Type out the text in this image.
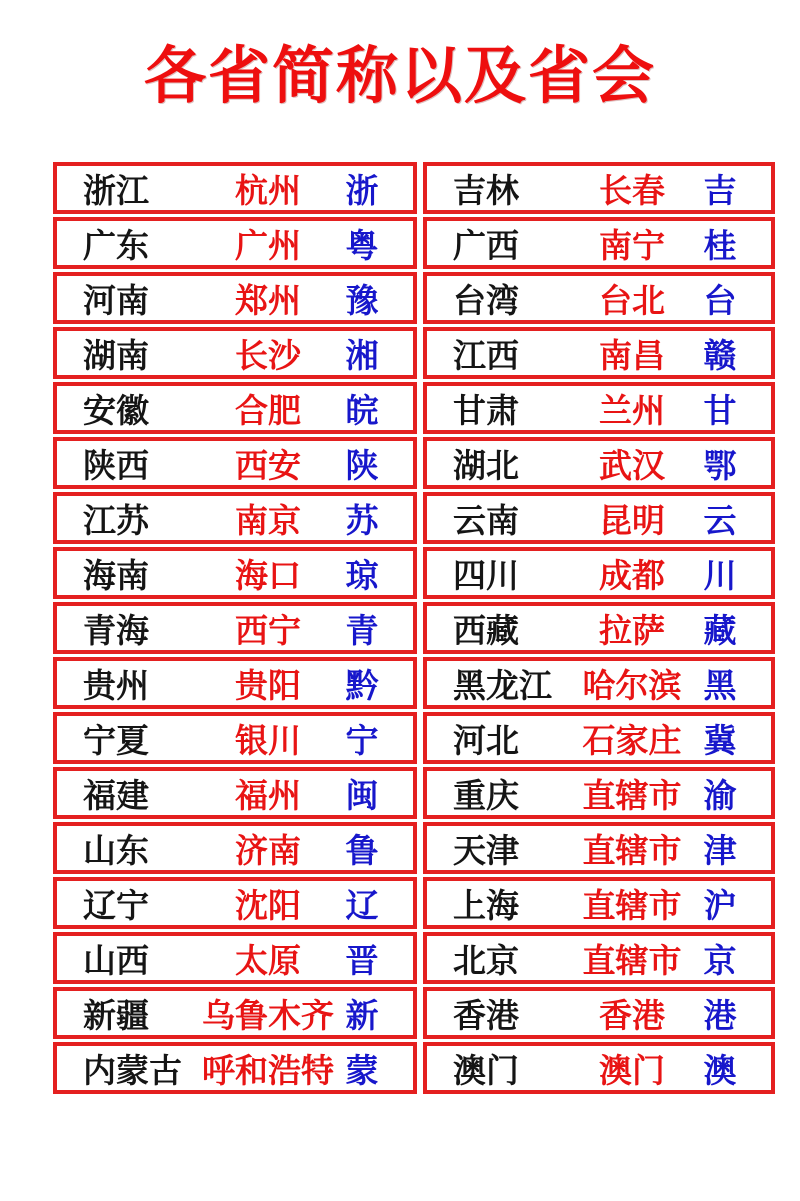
各省简称以及省会
浙江	杭州	浙
广东	广州	粤
河南	郑州	豫
湖南	长沙	湘
安徽	合肥	皖
陕西	西安	陕
江苏	南京	苏
海南	海口	琼
青海	西宁	青
贵州	贵阳	黔
宁夏	银川	宁
福建	福州	闽
山东	济南	鲁
辽宁	沈阳	辽
山西	太原	晋
新疆	乌鲁木齐 新
内蒙古 呼和浩特 蒙
吉林	长春	吉
广西	南宁	桂
台湾	台北	台
江西	南昌	赣
甘肃	兰州	甘
湖北	武汉	鄂
云南	昆明	云
四川	成都	川
西藏	拉萨	藏
黑龙江 哈尔滨 黑
河北	石家庄 冀
重庆	直辖市 渝
天津	直辖市 津
上海	直辖市 沪
北京	直辖市 京
香港	香港	港
澳门	澳门	澳
